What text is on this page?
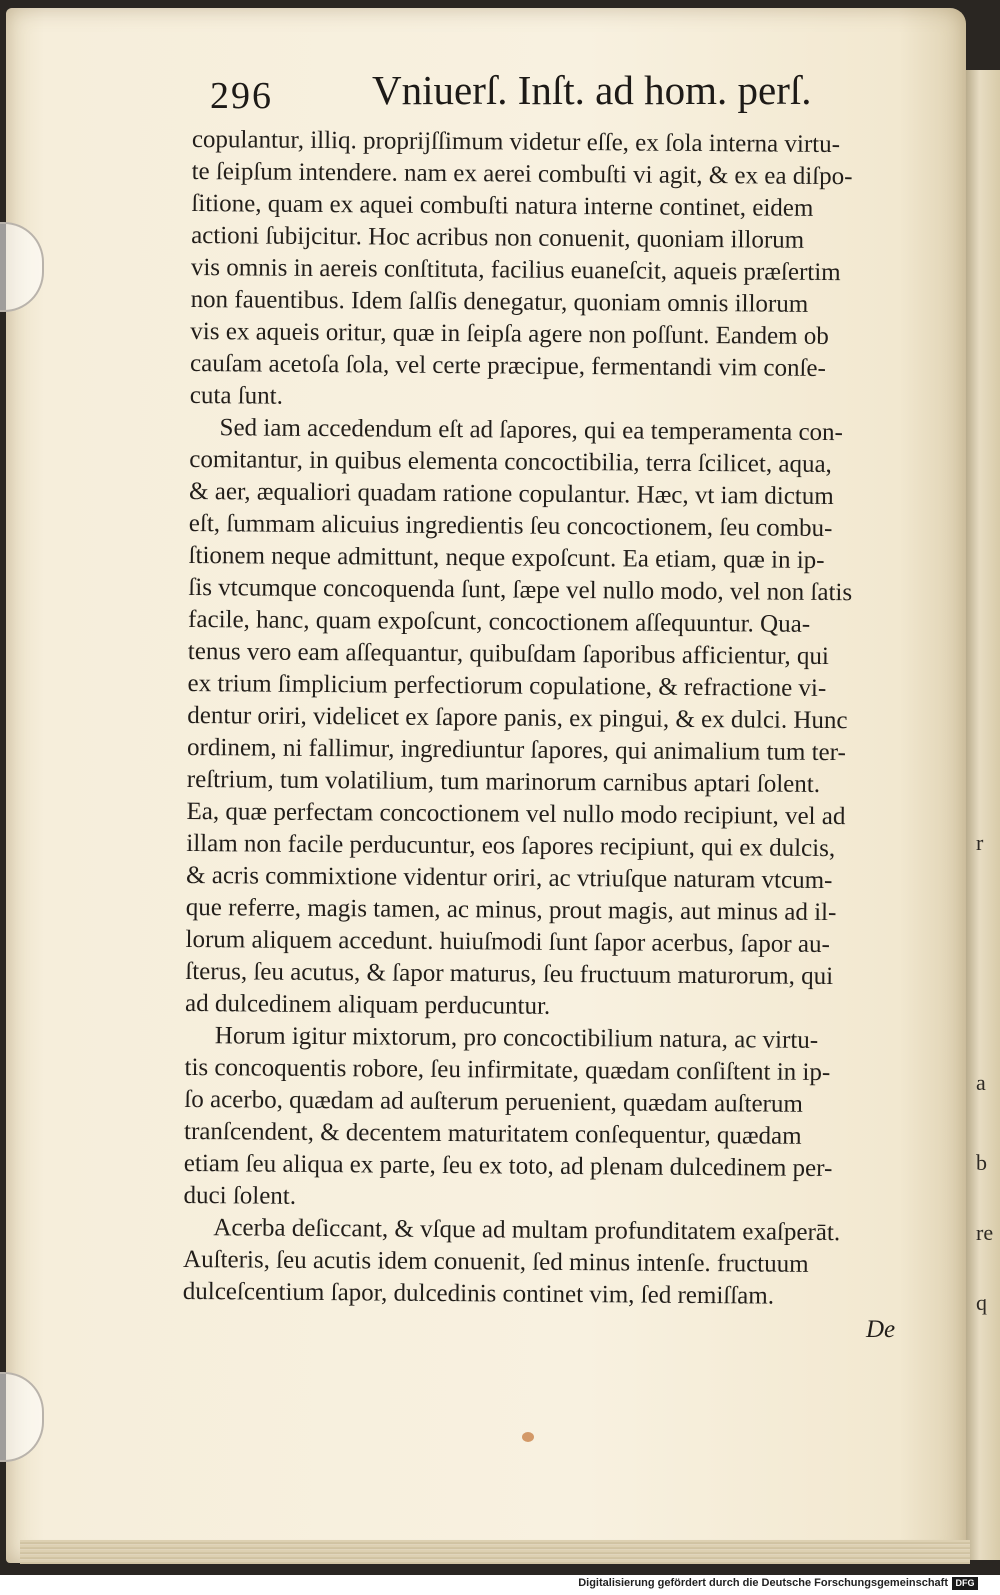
r
a
b
re
q
296 Vniuerſ. Inſt. ad hom. perſ.
copulantur, illiq. proprijſſimum videtur eſſe, ex ſola interna virtu-
te ſeipſum intendere. nam ex aerei combuſti vi agit, & ex ea diſpo-
ſitione, quam ex aquei combuſti natura interne continet, eidem
actioni ſubijcitur. Hoc acribus non conuenit, quoniam illorum
vis omnis in aereis conſtituta, facilius euaneſcit, aqueis præſertim
non fauentibus. Idem ſalſis denegatur, quoniam omnis illorum
vis ex aqueis oritur, quæ in ſeipſa agere non poſſunt. Eandem ob
cauſam acetoſa ſola, vel certe præcipue, fermentandi vim conſe-
cuta ſunt.
Sed iam accedendum eſt ad ſapores, qui ea temperamenta con-
comitantur, in quibus elementa concoctibilia, terra ſcilicet, aqua,
& aer, æqualiori quadam ratione copulantur. Hæc, vt iam dictum
eſt, ſummam alicuius ingredientis ſeu concoctionem, ſeu combu-
ſtionem neque admittunt, neque expoſcunt. Ea etiam, quæ in ip-
ſis vtcumque concoquenda ſunt, ſæpe vel nullo modo, vel non ſatis
facile, hanc, quam expoſcunt, concoctionem aſſequuntur. Qua-
tenus vero eam aſſequantur, quibuſdam ſaporibus afficientur, qui
ex trium ſimplicium perfectiorum copulatione, & refractione vi-
dentur oriri, videlicet ex ſapore panis, ex pingui, & ex dulci. Hunc
ordinem, ni fallimur, ingrediuntur ſapores, qui animalium tum ter-
reſtrium, tum volatilium, tum marinorum carnibus aptari ſolent.
Ea, quæ perfectam concoctionem vel nullo modo recipiunt, vel ad
illam non facile perducuntur, eos ſapores recipiunt, qui ex dulcis,
& acris commixtione videntur oriri, ac vtriuſque naturam vtcum-
que referre, magis tamen, ac minus, prout magis, aut minus ad il-
lorum aliquem accedunt. huiuſmodi ſunt ſapor acerbus, ſapor au-
ſterus, ſeu acutus, & ſapor maturus, ſeu fructuum maturorum, qui
ad dulcedinem aliquam perducuntur.
Horum igitur mixtorum, pro concoctibilium natura, ac virtu-
tis concoquentis robore, ſeu infirmitate, quædam conſiſtent in ip-
ſo acerbo, quædam ad auſterum peruenient, quædam auſterum
tranſcendent, & decentem maturitatem conſequentur, quædam
etiam ſeu aliqua ex parte, ſeu ex toto, ad plenam dulcedinem per-
duci ſolent.
Acerba deſiccant, & vſque ad multam profunditatem exaſperāt.
Auſteris, ſeu acutis idem conuenit, ſed minus intenſe. fructuum
dulceſcentium ſapor, dulcedinis continet vim, ſed remiſſam.
De
Digitalisierung gefördert durch die Deutsche Forschungsgemeinschaft DFG
